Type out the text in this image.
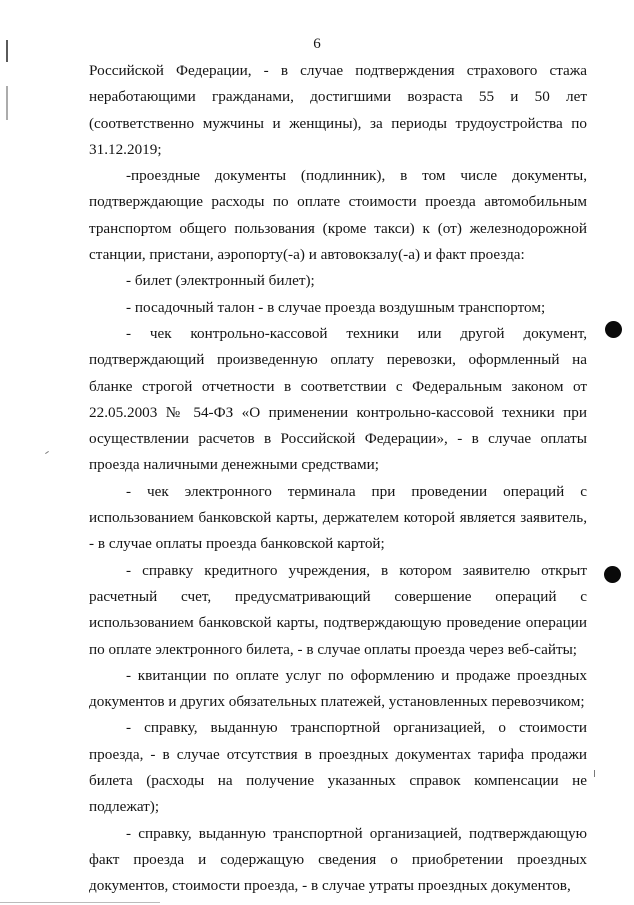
6

Российской Федерации, - в случае подтверждения страхового стажа неработающими гражданами, достигшими возраста 55 и 50 лет (соответственно мужчины и женщины), за периоды трудоустройства по 31.12.2019;

-проездные документы (подлинник), в том числе документы, подтверждающие расходы по оплате стоимости проезда автомобильным транспортом общего пользования (кроме такси) к (от) железнодорожной станции, пристани, аэропорту(-а) и автовокзалу(-а) и факт проезда:

- билет (электронный билет);

- посадочный талон - в случае проезда воздушным транспортом;

- чек контрольно-кассовой техники или другой документ, подтверждающий произведенную оплату перевозки, оформленный на бланке строгой отчетности в соответствии с Федеральным законом от 22.05.2003 № 54-ФЗ «О применении контрольно-кассовой техники при осуществлении расчетов в Российской Федерации», - в случае оплаты проезда наличными денежными средствами;

- чек электронного терминала при проведении операций с использованием банковской карты, держателем которой является заявитель, - в случае оплаты проезда банковской картой;

- справку кредитного учреждения, в котором заявителю открыт расчетный счет, предусматривающий совершение операций с использованием банковской карты, подтверждающую проведение операции по оплате электронного билета, - в случае оплаты проезда через веб-сайты;

- квитанции по оплате услуг по оформлению и продаже проездных документов и других обязательных платежей, установленных перевозчиком;

- справку, выданную транспортной организацией, о стоимости проезда, - в случае отсутствия в проездных документах тарифа продажи билета (расходы на получение указанных справок компенсации не подлежат);

- справку, выданную транспортной организацией, подтверждающую факт проезда и содержащую сведения о приобретении проездных документов, стоимости проезда, - в случае утраты проездных документов,
